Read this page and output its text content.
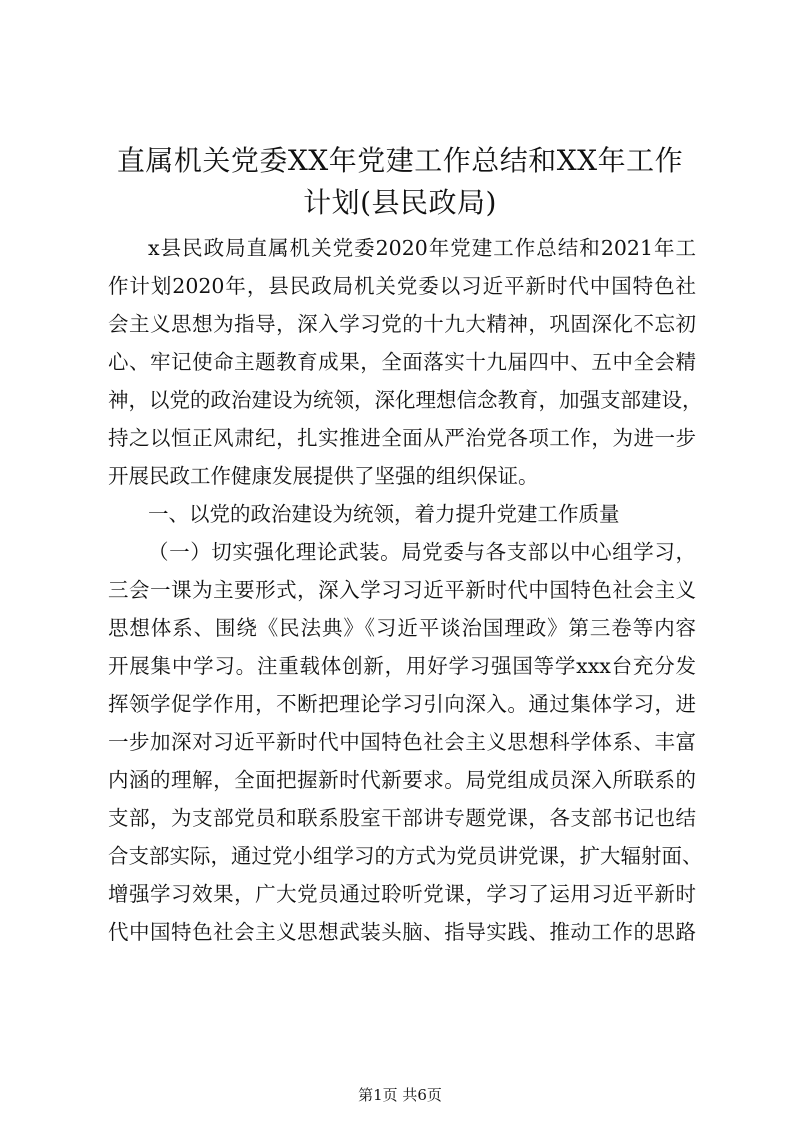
直属机关党委XX年党建工作总结和XX年工作
计划(县民政局)
x县民政局直属机关党委2020年党建工作总结和2021年工
作计划2020年，县民政局机关党委以习近平新时代中国特色社
会主义思想为指导，深入学习党的十九大精神，巩固深化不忘初
心、牢记使命主题教育成果，全面落实十九届四中、五中全会精
神，以党的政治建设为统领，深化理想信念教育，加强支部建设，
持之以恒正风肃纪，扎实推进全面从严治党各项工作，为进一步
开展民政工作健康发展提供了坚强的组织保证。
一、以党的政治建设为统领，着力提升党建工作质量
（一）切实强化理论武装。局党委与各支部以中心组学习，
三会一课为主要形式，深入学习习近平新时代中国特色社会主义
思想体系、围绕《民法典》《习近平谈治国理政》第三卷等内容
开展集中学习。注重载体创新，用好学习强国等学xxx台充分发
挥领学促学作用，不断把理论学习引向深入。通过集体学习，进
一步加深对习近平新时代中国特色社会主义思想科学体系、丰富
内涵的理解，全面把握新时代新要求。局党组成员深入所联系的
支部，为支部党员和联系股室干部讲专题党课，各支部书记也结
合支部实际，通过党小组学习的方式为党员讲党课，扩大辐射面、
增强学习效果，广大党员通过聆听党课，学习了运用习近平新时
代中国特色社会主义思想武装头脑、指导实践、推动工作的思路
第1页 共6页
